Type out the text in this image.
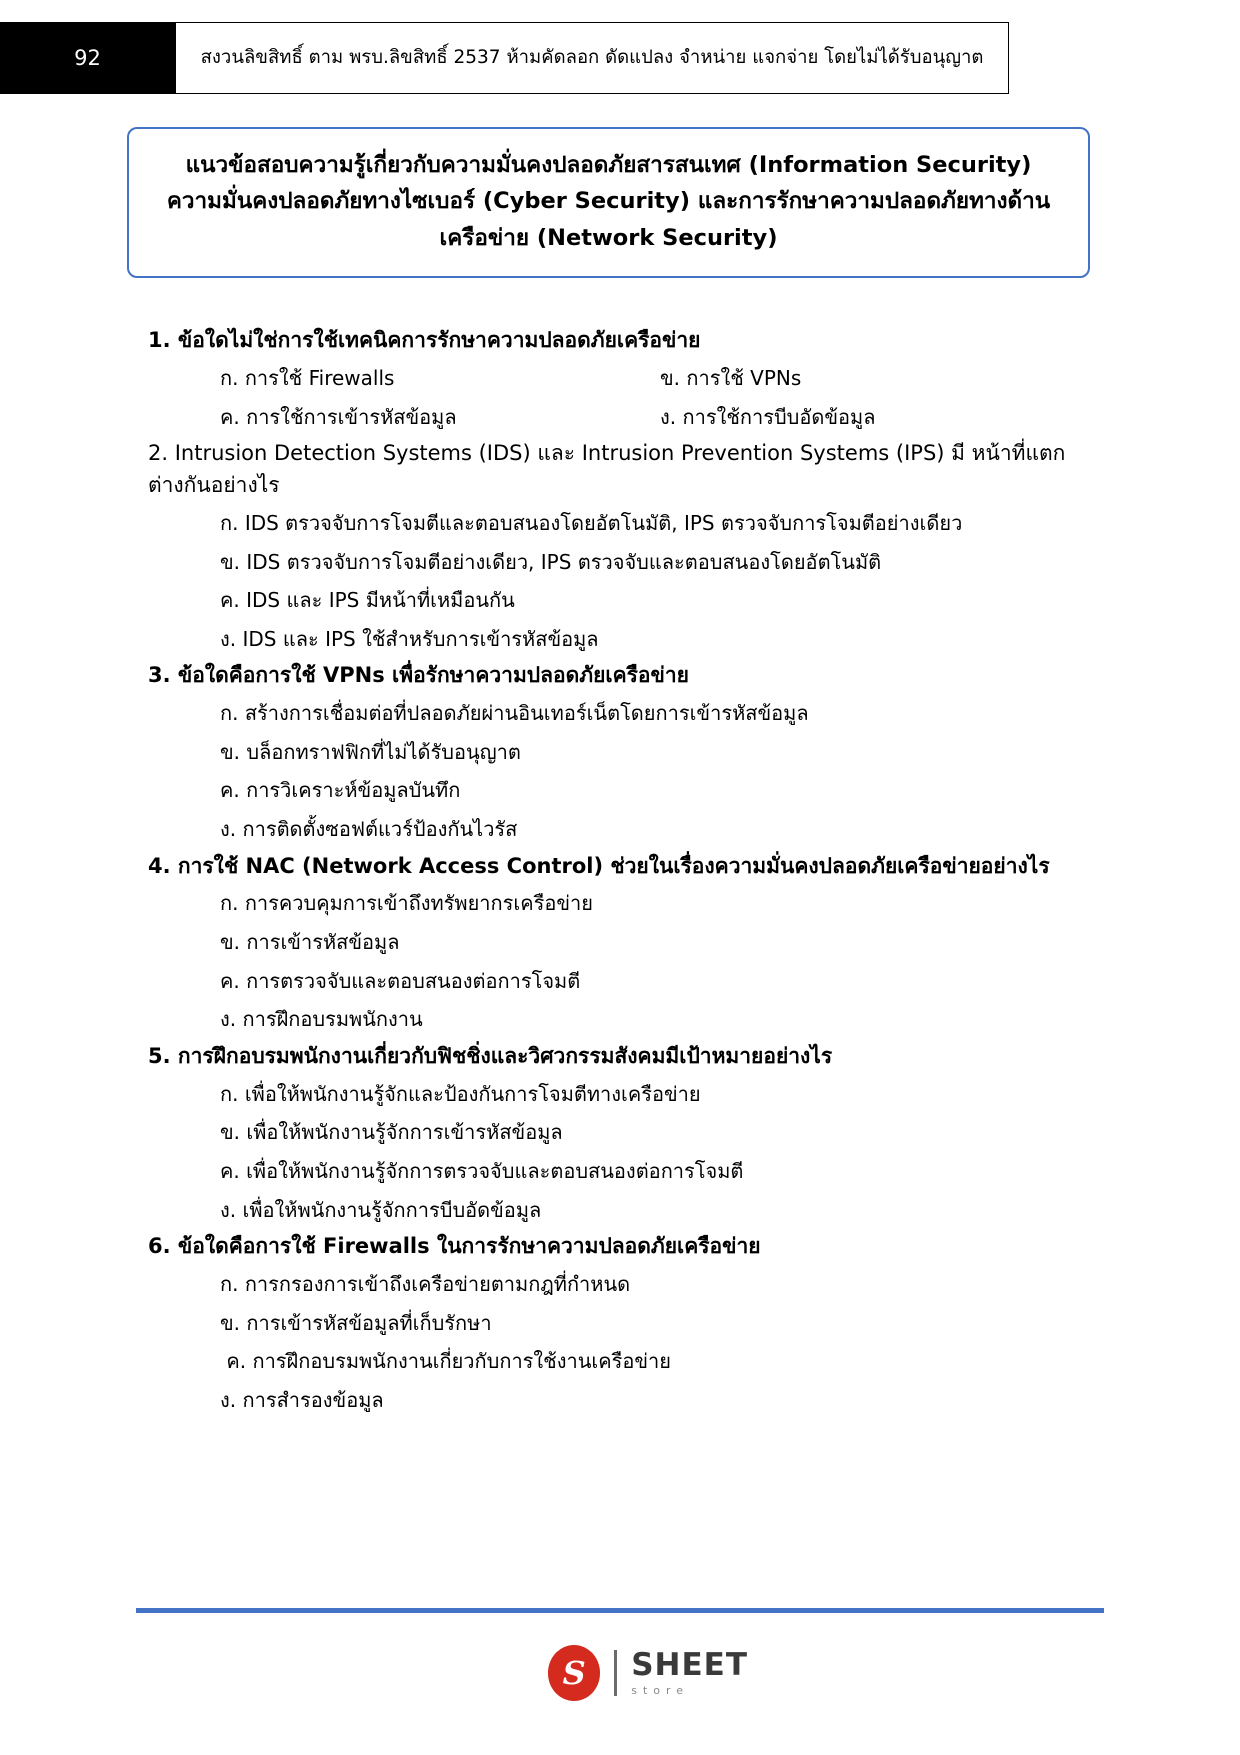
92	สงวนลิขสิทธิ์ ตาม พรบ.ลิขสิทธิ์ 2537 ห้ามคัดลอก ดัดแปลง จำหน่าย แจกจ่าย โดยไม่ได้รับอนุญาต
แนวข้อสอบความรู้เกี่ยวกับความมั่นคงปลอดภัยสารสนเทศ (Information Security) ความมั่นคงปลอดภัยทางไซเบอร์ (Cyber Security) และการรักษาความปลอดภัยทางด้านเครือข่าย (Network Security)

1. ข้อใดไม่ใช่การใช้เทคนิคการรักษาความปลอดภัยเครือข่าย

ก. การใช้ Firewalls	ข. การใช้ VPNs
ค. การใช้การเข้ารหัสข้อมูล	ง. การใช้การบีบอัดข้อมูล

2. Intrusion Detection Systems (IDS) และ Intrusion Prevention Systems (IPS) มี หน้าที่แตกต่างกันอย่างไร

ก. IDS ตรวจจับการโจมตีและตอบสนองโดยอัตโนมัติ, IPS ตรวจจับการโจมตีอย่างเดียว
ข. IDS ตรวจจับการโจมตีอย่างเดียว, IPS ตรวจจับและตอบสนองโดยอัตโนมัติ
ค. IDS และ IPS มีหน้าที่เหมือนกัน
ง. IDS และ IPS ใช้สำหรับการเข้ารหัสข้อมูล

3. ข้อใดคือการใช้ VPNs เพื่อรักษาความปลอดภัยเครือข่าย

ก. สร้างการเชื่อมต่อที่ปลอดภัยผ่านอินเทอร์เน็ตโดยการเข้ารหัสข้อมูล
ข. บล็อกทราฟฟิกที่ไม่ได้รับอนุญาต
ค. การวิเคราะห์ข้อมูลบันทึก
ง. การติดตั้งซอฟต์แวร์ป้องกันไวรัส

4. การใช้ NAC (Network Access Control) ช่วยในเรื่องความมั่นคงปลอดภัยเครือข่ายอย่างไร

ก. การควบคุมการเข้าถึงทรัพยากรเครือข่าย
ข. การเข้ารหัสข้อมูล
ค. การตรวจจับและตอบสนองต่อการโจมตี
ง. การฝึกอบรมพนักงาน

5. การฝึกอบรมพนักงานเกี่ยวกับฟิชชิ่งและวิศวกรรมสังคมมีเป้าหมายอย่างไร

ก. เพื่อให้พนักงานรู้จักและป้องกันการโจมตีทางเครือข่าย
ข. เพื่อให้พนักงานรู้จักการเข้ารหัสข้อมูล
ค. เพื่อให้พนักงานรู้จักการตรวจจับและตอบสนองต่อการโจมตี
ง. เพื่อให้พนักงานรู้จักการบีบอัดข้อมูล

6. ข้อใดคือการใช้ Firewalls ในการรักษาความปลอดภัยเครือข่าย

ก. การกรองการเข้าถึงเครือข่ายตามกฎที่กำหนด
ข. การเข้ารหัสข้อมูลที่เก็บรักษา
ค. การฝึกอบรมพนักงานเกี่ยวกับการใช้งานเครือข่าย
ง. การสำรองข้อมูล
S	SHEET
store
